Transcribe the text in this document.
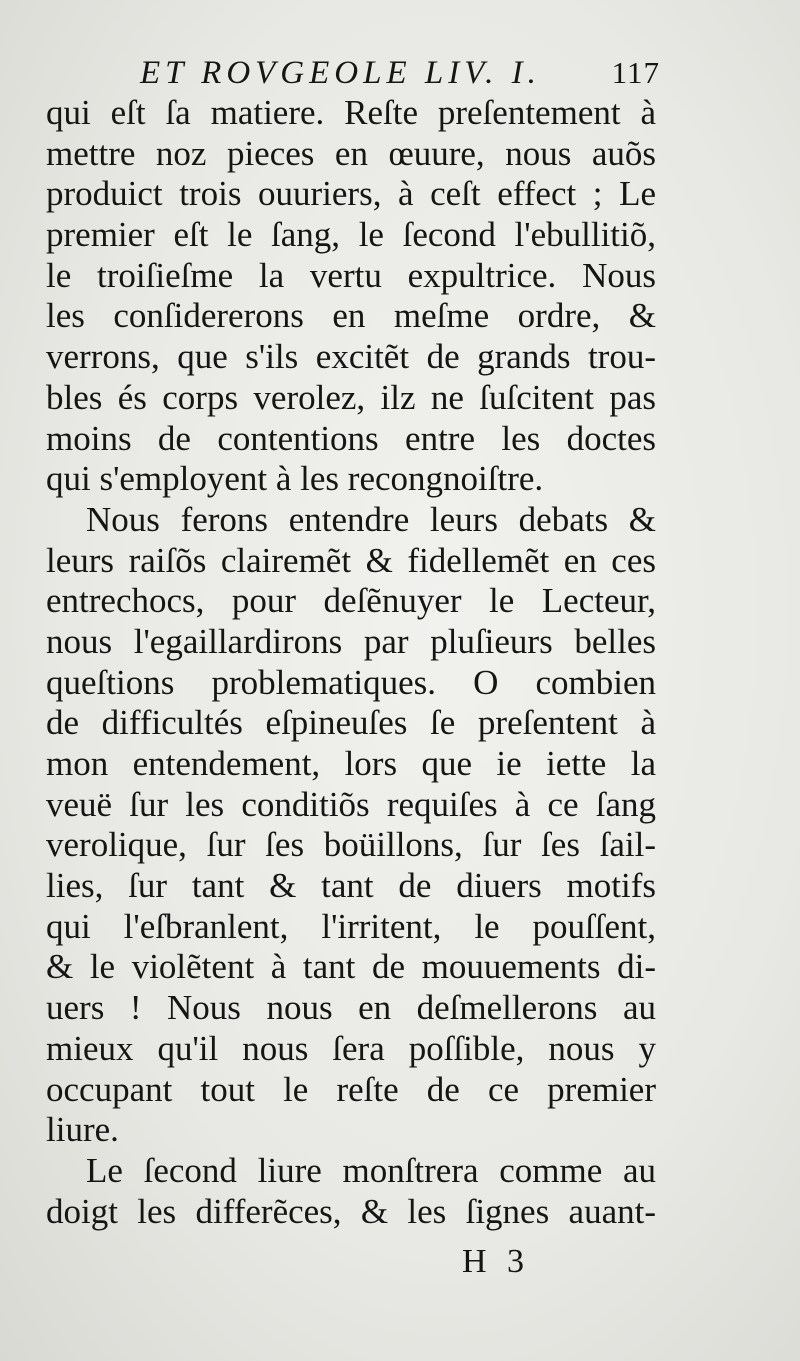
ET ROVGEOLE LIV. I. 117
qui eſt ſa matiere. Reſte preſentement à
mettre noz pieces en œuure, nous auõs
produict trois ouuriers, à ceſt effect ; Le
premier eſt le ſang, le ſecond l'ebullitiõ,
le troiſieſme la vertu expultrice. Nous
les conſidererons en meſme ordre, &
verrons, que s'ils excitẽt de grands trou-
bles és corps verolez, ilz ne ſuſcitent pas
moins de contentions entre les doctes
qui s'employent à les recongnoiſtre.
Nous ferons entendre leurs debats &
leurs raiſõs clairemẽt & fidellemẽt en ces
entrechocs, pour deſẽnuyer le Lecteur,
nous l'egaillardirons par pluſieurs belles
queſtions problematiques. O combien
de difficultés eſpineuſes ſe preſentent à
mon entendement, lors que ie iette la
veuë ſur les conditiõs requiſes à ce ſang
verolique, ſur ſes boüillons, ſur ſes ſail-
lies, ſur tant & tant de diuers motifs
qui l'eſbranlent, l'irritent, le pouſſent,
& le violẽtent à tant de mouuements di-
uers ! Nous nous en deſmellerons au
mieux qu'il nous ſera poſſible, nous y
occupant tout le reſte de ce premier
liure.
Le ſecond liure monſtrera comme au
doigt les differẽces, & les ſignes auant-
H 3
